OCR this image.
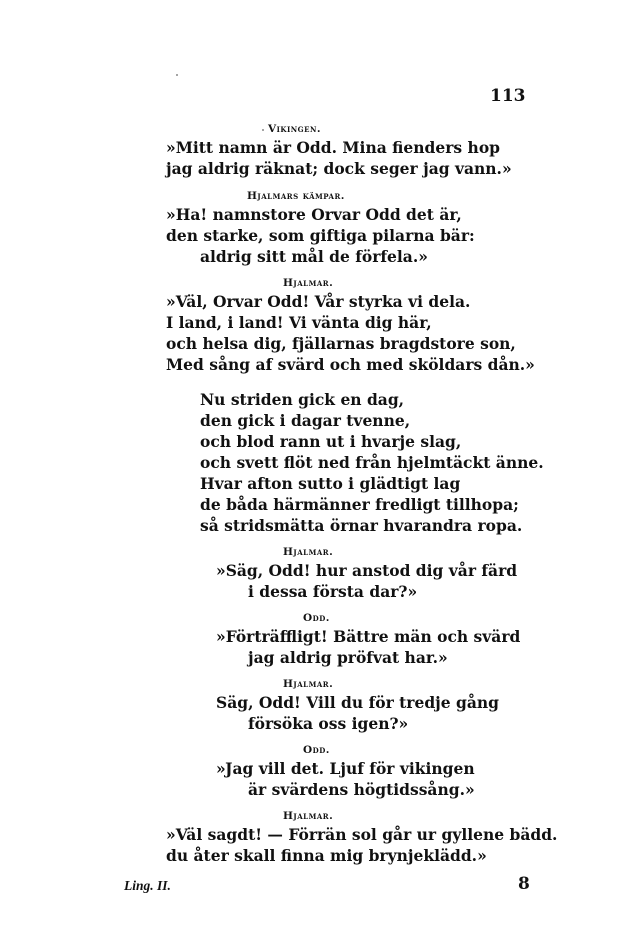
113
Vikingen.
»Mitt namn är Odd. Mina fienders hop
jag aldrig räknat; dock seger jag vann.»
Hjalmars kämpar.
»Ha! namnstore Orvar Odd det är,
den starke, som giftiga pilarna bär:
aldrig sitt mål de förfela.»
Hjalmar.
»Väl, Orvar Odd! Vår styrka vi dela.
I land, i land! Vi vänta dig här,
och helsa dig, fjällarnas bragdstore son,
Med sång af svärd och med sköldars dån.»
Nu striden gick en dag,
den gick i dagar tvenne,
och blod rann ut i hvarje slag,
och svett flöt ned från hjelmtäckt änne.
Hvar afton sutto i glädtigt lag
de båda härmänner fredligt tillhopa;
så stridsmätta örnar hvarandra ropa.
Hjalmar.
»Säg, Odd! hur anstod dig vår färd
i dessa första dar?»
Odd.
»Förträffligt! Bättre män och svärd
jag aldrig pröfvat har.»
Hjalmar.
Säg, Odd! Vill du för tredje gång
försöka oss igen?»
Odd.
»Jag vill det. Ljuf för vikingen
är svärdens högtidssång.»
Hjalmar.
»Väl sagdt! — Förrän sol går ur gyllene bädd.
du åter skall finna mig brynjeklädd.»
Ling. II.	8
